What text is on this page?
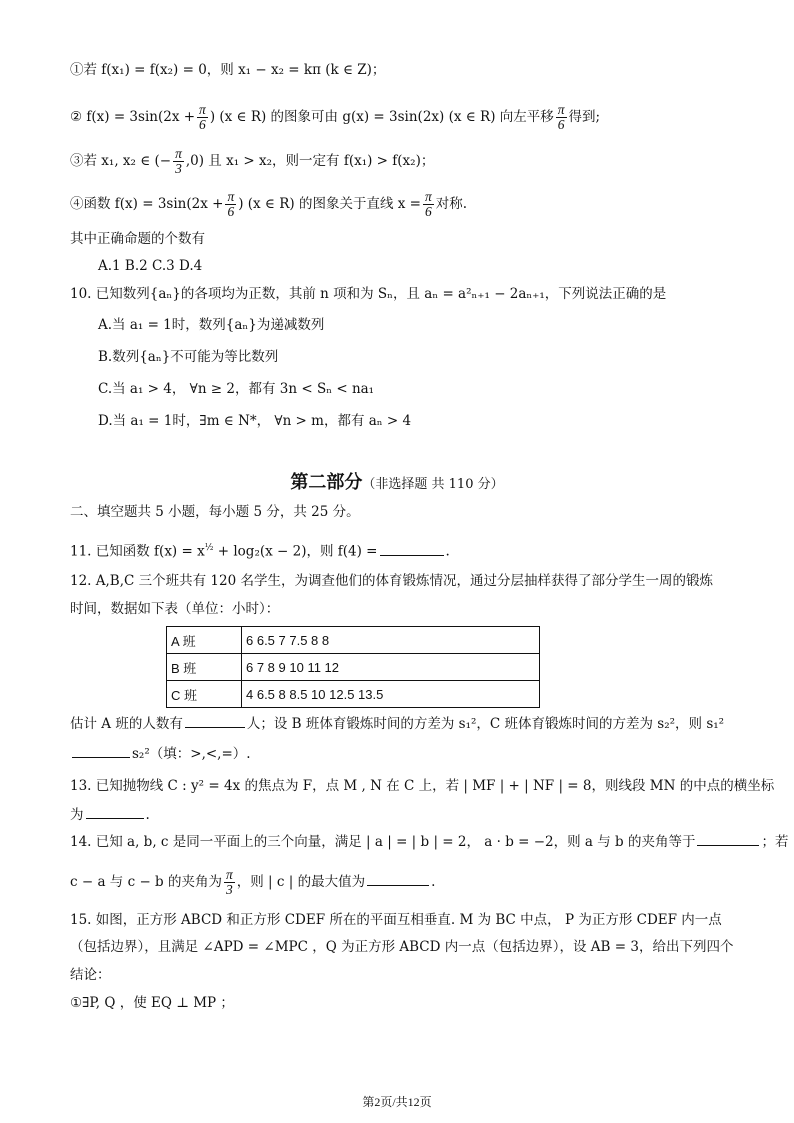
①若 f(x₁) = f(x₂) = 0，则 x₁ − x₂ = kπ (k ∈ Z)；
② $f(x) = 3\sin(2x + \frac{\pi}{6}$ ) (x ∈ R) 的图象可由 g(x) = 3sin(2x) (x ∈ R) 向左平移 $\frac{\pi}{6}$ 得到;
③若 x₁, x₂ ∈ (− $\frac{\pi}{3} ,0$) 且 x₁ > x₂，则一定有 f(x₁) > f(x₂)；
④函数 $f(x) = 3\sin(2x + \frac{\pi}{6}$ ) (x ∈ R) 的图象关于直线 $x = \frac{\pi}{6}$ 对称.
其中正确命题的个数有
A.1 B.2 C.3 D.4
10. 已知数列{aₙ}的各项均为正数，其前 n 项和为 Sₙ，且 aₙ = a²ₙ₊₁ − 2aₙ₊₁，下列说法正确的是
A.当 a₁ = 1时，数列{aₙ}为递减数列
B.数列{aₙ}不可能为等比数列
C.当 a₁ > 4， ∀n ≥ 2，都有 3n < Sₙ < na₁
D.当 a₁ = 1时，∃m ∈ N*， ∀n > m，都有 aₙ > 4
第二部分（非选择题 共 110 分）
二、填空题共 5 小题，每小题 5 分，共 25 分。
11. 已知函数 $f(x) = x^{\frac{1}{2}} + \log_2(x - 2)$，则 f(4) =	.
12. A,B,C 三个班共有 120 名学生，为调查他们的体育锻炼情况，通过分层抽样获得了部分学生一周的锻炼
时间，数据如下表（单位：小时）：
A 班	6 6.5 7 7.5 8 8
B 班	6 7 8 9 10 11 12
C 班	4 6.5 8 8.5 10 12.5 13.5
估计 A 班的人数有	人；设 B 班体育锻炼时间的方差为 s₁²，C 班体育锻炼时间的方差为 s₂²，则 s₁²
s₂²（填：>,<,=）.
13. 已知抛物线 C : y² = 4x 的焦点为 F，点 M , N 在 C 上，若 | MF | + | NF | = 8，则线段 MN 的中点的横坐标
为	.
14. 已知 a, b, c 是同一平面上的三个向量，满足 | a | = | b | = 2， a · b = −2，则 a 与 b 的夹角等于	；若
c − a 与 c − b 的夹角为 $\frac{\pi}{3}$ ，则 | c | 的最大值为	.
15. 如图，正方形 ABCD 和正方形 CDEF 所在的平面互相垂直. M 为 BC 中点， P 为正方形 CDEF 内一点
（包括边界），且满足 ∠APD = ∠MPC ，Q 为正方形 ABCD 内一点（包括边界），设 AB = 3，给出下列四个
结论：
①∃P, Q ，使 EQ ⊥ MP ；
第2页/共12页
